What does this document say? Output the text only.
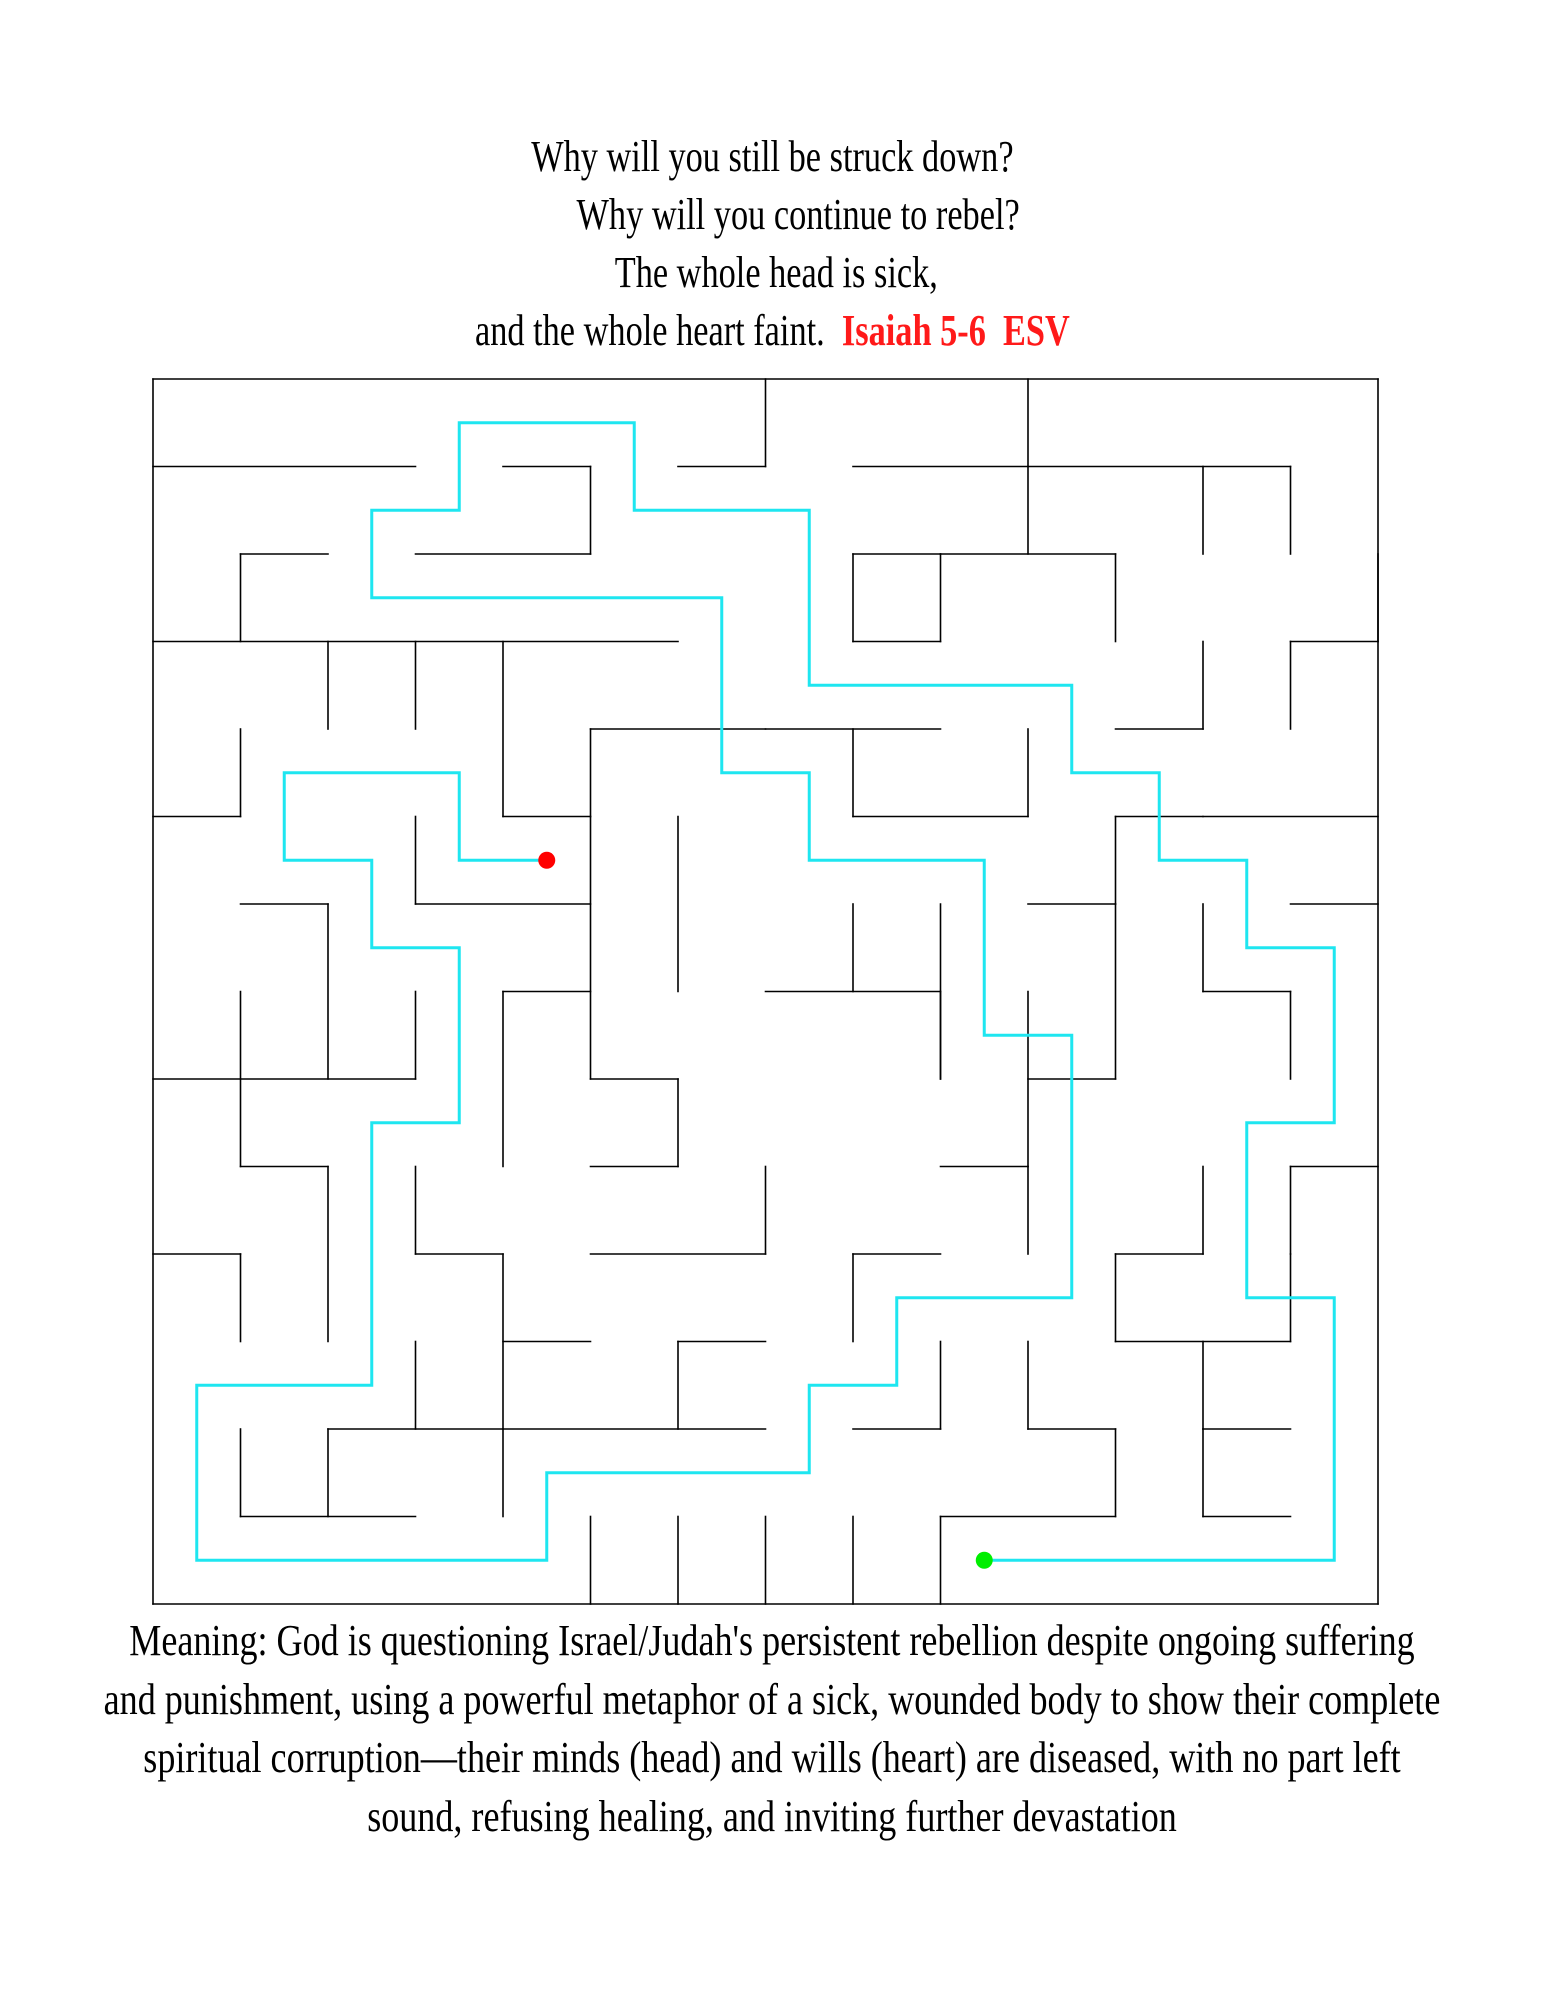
Why will you still be struck down?
Why will you continue to rebel?
The whole head is sick,
and the whole heart faint. Isaiah 5-6  ESV
Meaning: God is questioning Israel/Judah's persistent rebellion despite ongoing suffering and punishment, using a powerful metaphor of a sick, wounded body to show their complete spiritual corruption—their minds (head) and wills (heart) are diseased, with no part left sound, refusing healing, and inviting further devastation
